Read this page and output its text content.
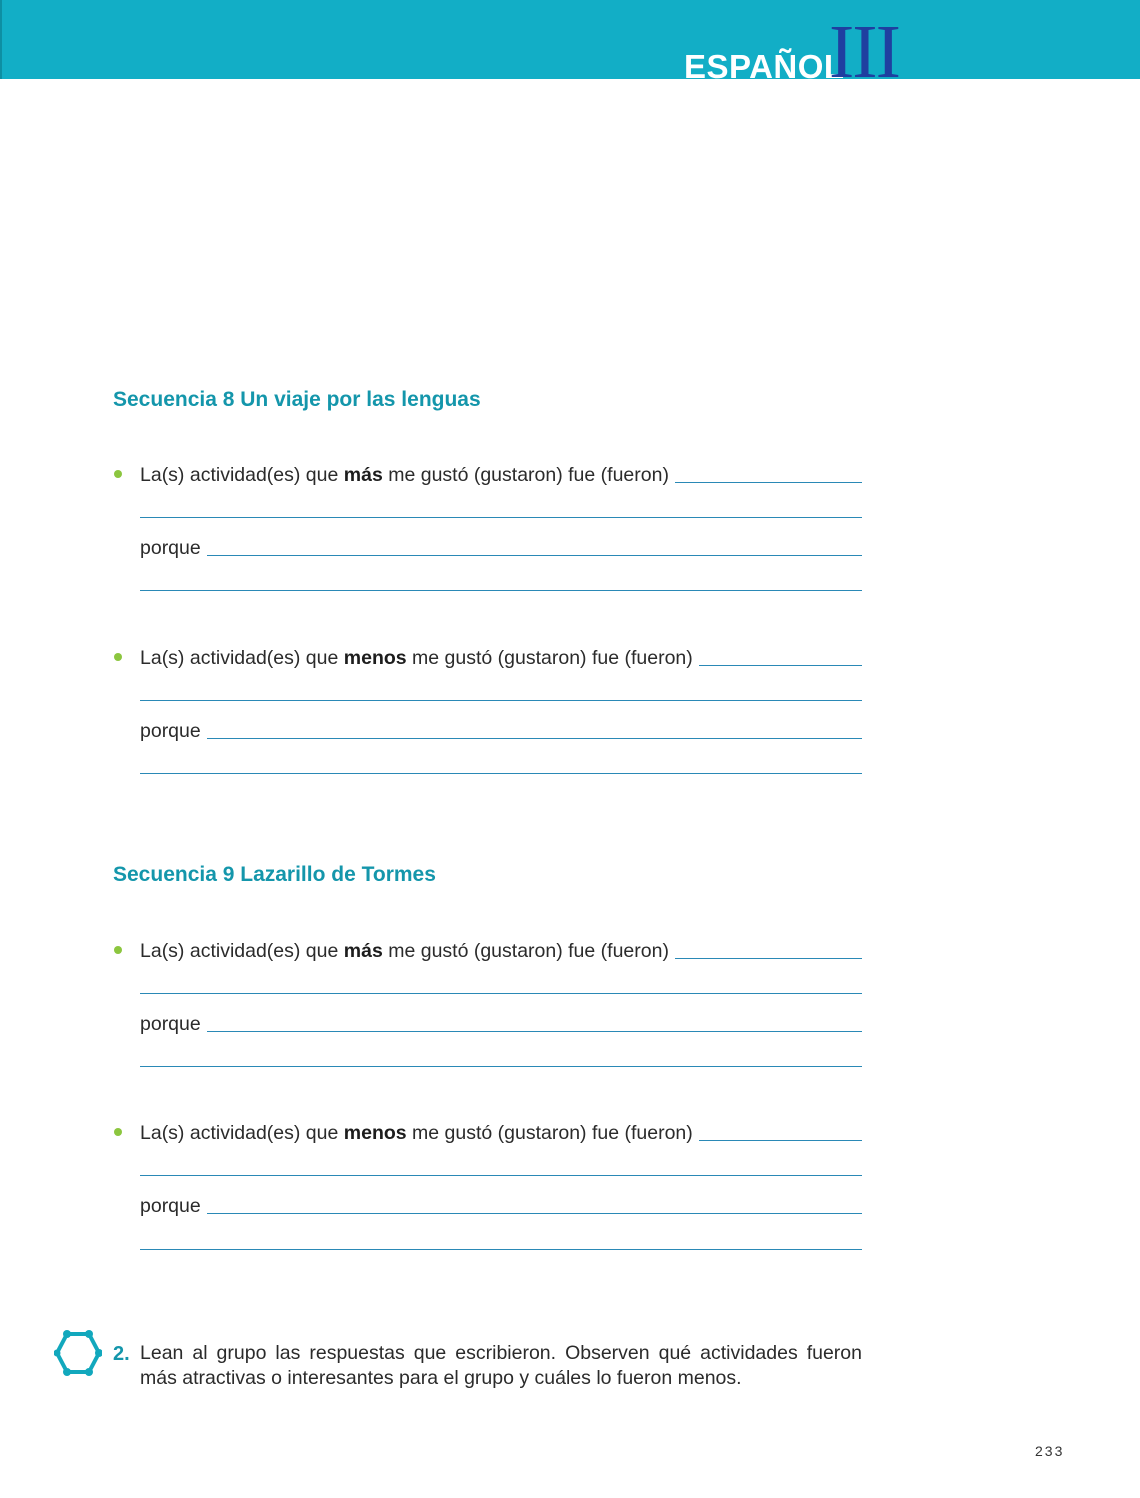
ESPAÑOL
III
Secuencia 8 Un viaje por las lenguas
La(s) actividad(es) que más me gustó (gustaron) fue (fueron)
porque
La(s) actividad(es) que menos me gustó (gustaron) fue (fueron)
porque
Secuencia 9 Lazarillo de Tormes
La(s) actividad(es) que más me gustó (gustaron) fue (fueron)
porque
La(s) actividad(es) que menos me gustó (gustaron) fue (fueron)
porque
2. Lean al grupo las respuestas que escribieron. Observen qué actividades fueron más atractivas o interesantes para el grupo y cuáles lo fueron menos.
233
